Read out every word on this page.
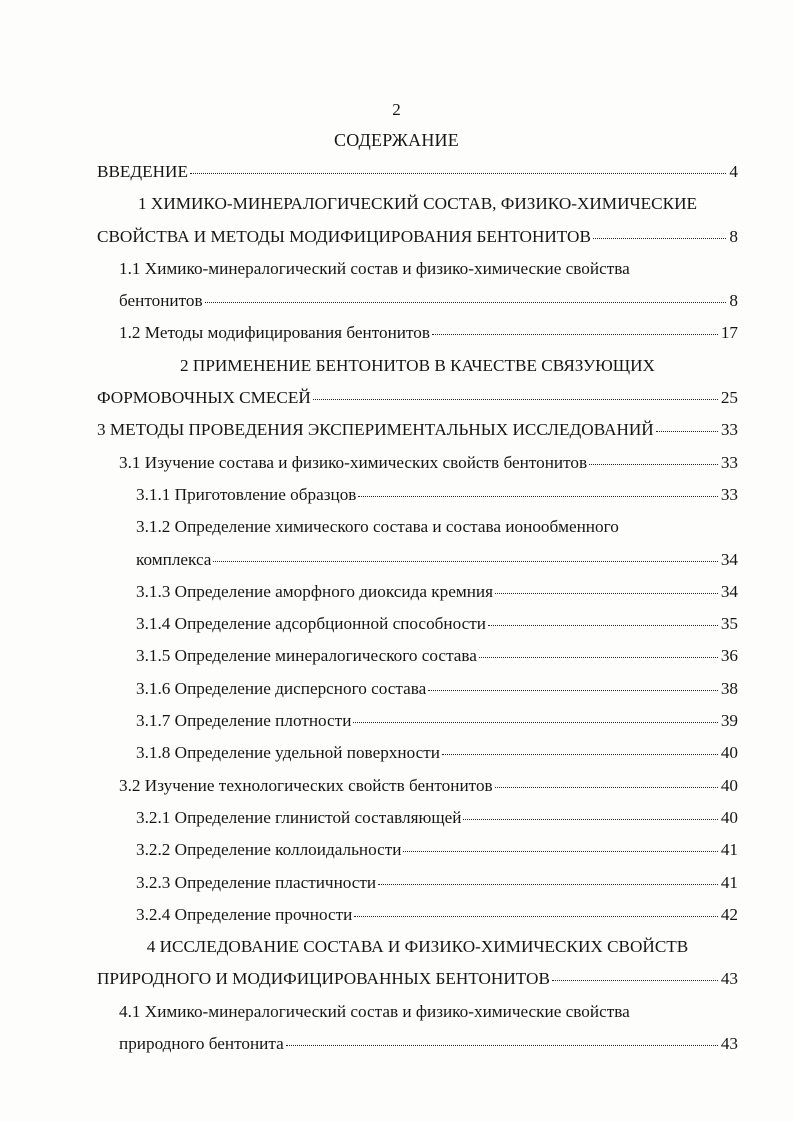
2
СОДЕРЖАНИЕ
ВВЕДЕНИЕ	4
1 ХИМИКО-МИНЕРАЛОГИЧЕСКИЙ СОСТАВ, ФИЗИКО-ХИМИЧЕСКИЕ
СВОЙСТВА И МЕТОДЫ МОДИФИЦИРОВАНИЯ БЕНТОНИТОВ	8
1.1 Химико-минералогический состав и физико-химические свойства
бентонитов	8
1.2 Методы модифицирования бентонитов	17
2 ПРИМЕНЕНИЕ БЕНТОНИТОВ В КАЧЕСТВЕ СВЯЗУЮЩИХ
ФОРМОВОЧНЫХ СМЕСЕЙ	25
3 МЕТОДЫ ПРОВЕДЕНИЯ ЭКСПЕРИМЕНТАЛЬНЫХ ИССЛЕДОВАНИЙ	33
3.1 Изучение состава и физико-химических свойств бентонитов	33
3.1.1 Приготовление образцов	33
3.1.2 Определение химического состава и состава ионообменного
комплекса	34
3.1.3 Определение аморфного диоксида кремния	34
3.1.4 Определение адсорбционной способности	35
3.1.5 Определение минералогического состава	36
3.1.6 Определение дисперсного состава	38
3.1.7 Определение плотности	39
3.1.8 Определение удельной поверхности	40
3.2 Изучение технологических свойств бентонитов	40
3.2.1 Определение глинистой составляющей	40
3.2.2 Определение коллоидальности	41
3.2.3 Определение пластичности	41
3.2.4 Определение прочности	42
4 ИССЛЕДОВАНИЕ СОСТАВА И ФИЗИКО-ХИМИЧЕСКИХ СВОЙСТВ
ПРИРОДНОГО И МОДИФИЦИРОВАННЫХ БЕНТОНИТОВ	43
4.1 Химико-минералогический состав и физико-химические свойства
природного бентонита	43
